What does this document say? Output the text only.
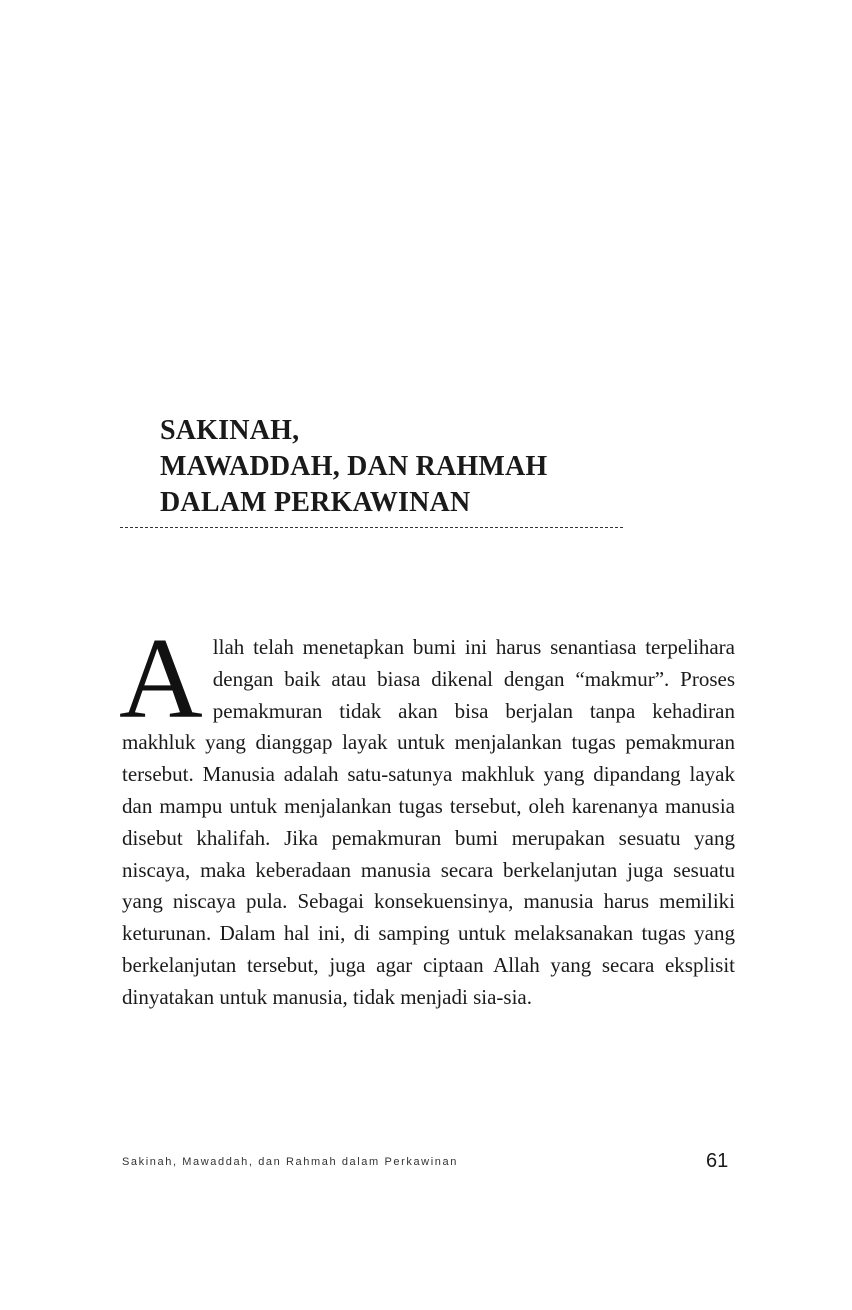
SAKINAH,
MAWADDAH, DAN RAHMAH
DALAM PERKAWINAN

Allah telah menetapkan bumi ini harus senantiasa terpelihara dengan baik atau biasa dikenal dengan “makmur”. Proses pemakmuran tidak akan bisa berjalan tanpa kehadiran makhluk yang dianggap layak untuk menjalankan tugas pemakmuran tersebut. Manusia adalah satu-satunya makhluk yang dipandang layak dan mampu untuk menjalankan tugas tersebut, oleh karenanya manusia disebut khalifah. Jika pemakmuran bumi merupakan sesuatu yang niscaya, maka keberadaan manusia secara berkelanjutan juga sesuatu yang niscaya pula. Sebagai konsekuensinya, manusia harus memiliki keturunan. Dalam hal ini, di samping untuk melaksanakan tugas yang berkelanjutan tersebut, juga agar ciptaan Allah yang secara eksplisit dinyatakan untuk manusia, tidak menjadi sia-sia.

Sakinah, Mawaddah, dan Rahmah dalam Perkawinan	61
